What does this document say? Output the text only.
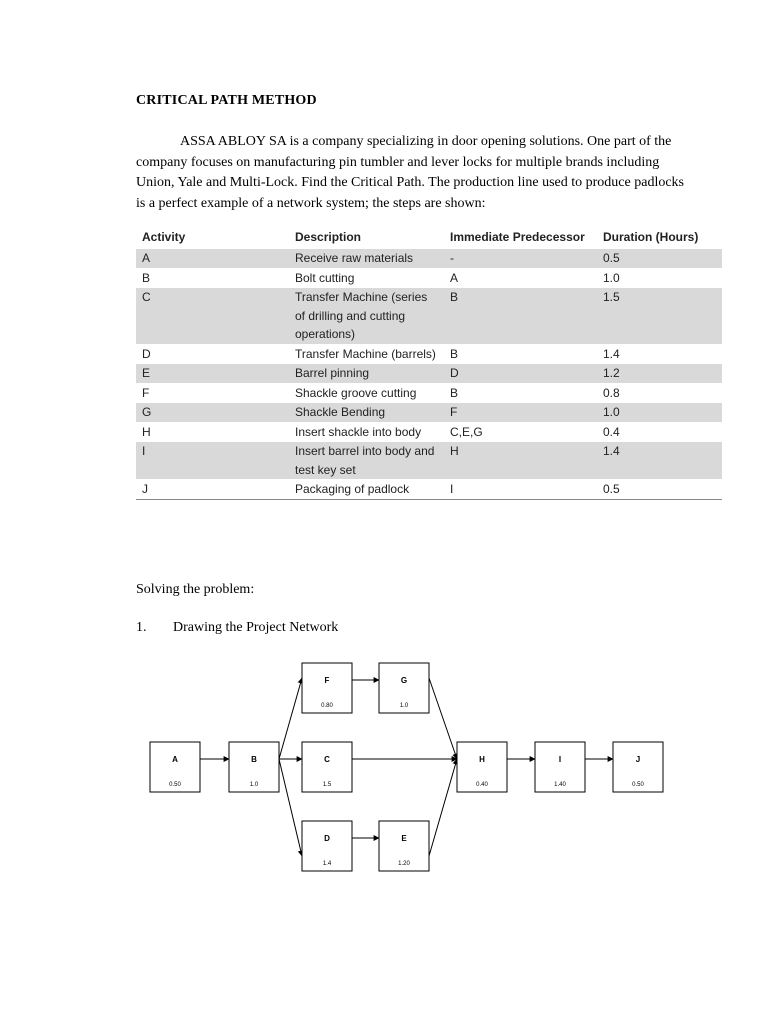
CRITICAL PATH METHOD
ASSA ABLOY SA is a company specializing in door opening solutions. One part of the company focuses on manufacturing pin tumbler and lever locks for multiple brands including Union, Yale and Multi-Lock. Find the Critical Path. The production line used to produce padlocks is a perfect example of a network system; the steps are shown:
Activity	Description	Immediate Predecessor	Duration (Hours)
A	Receive raw materials	-	0.5
B	Bolt cutting	A	1.0
C	Transfer Machine (series of drilling and cutting operations)	B	1.5
D	Transfer Machine (barrels)	B	1.4
E	Barrel pinning	D	1.2
F	Shackle groove cutting	B	0.8
G	Shackle Bending	F	1.0
H	Insert shackle into body	C,E,G	0.4
I	Insert barrel into body and test key set	H	1.4
J	Packaging of padlock	I	0.5
Solving the problem:
1. Drawing the Project Network
A
0.50
B
1.0
F
0.80
G
1.0
C
1.5
D
1.4
E
1.20
H
0.40
I
1.40
J
0.50
